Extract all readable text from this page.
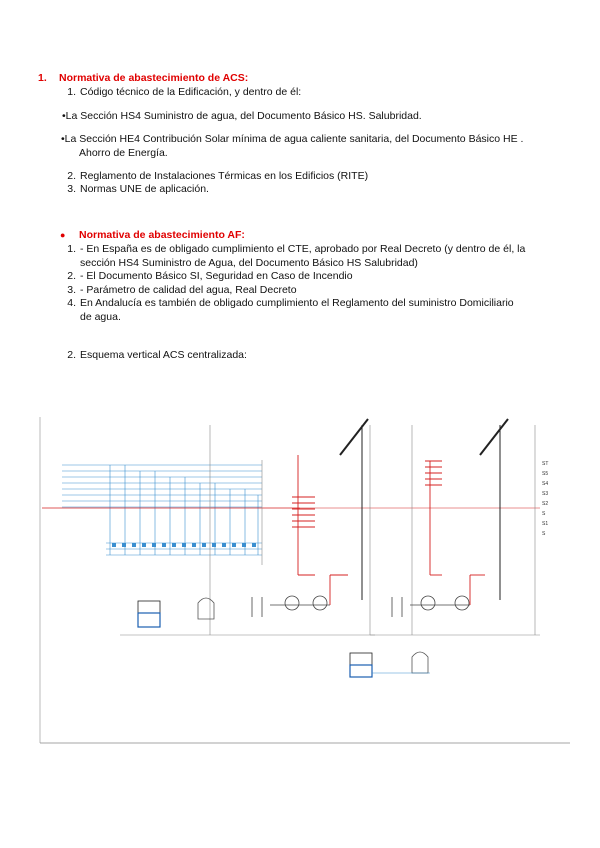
1. Normativa de abastecimiento de ACS:
1. Código técnico de la Edificación, y dentro de él:
•La Sección HS4 Suministro de agua, del Documento Básico HS. Salubridad.
•La Sección HE4 Contribución Solar mínima de agua caliente sanitaria, del Documento Básico HE .
Ahorro de Energía.
2. Reglamento de Instalaciones Térmicas en los Edificios (RITE)
3. Normas UNE de aplicación.
● Normativa de abastecimiento AF:
1. - En España es de obligado cumplimiento el CTE, aprobado por Real Decreto (y dentro de él, la
sección HS4 Suministro de Agua, del Documento Básico HS Salubridad)
2. - El Documento Básico SI, Seguridad en Caso de Incendio
3. - Parámetro de calidad del agua, Real Decreto
4. En Andalucía es también de obligado cumplimiento el Reglamento del suministro Domiciliario
de agua.
2. Esquema vertical ACS centralizada:
ST
S5
S4
S3
S2
S
S1
S
